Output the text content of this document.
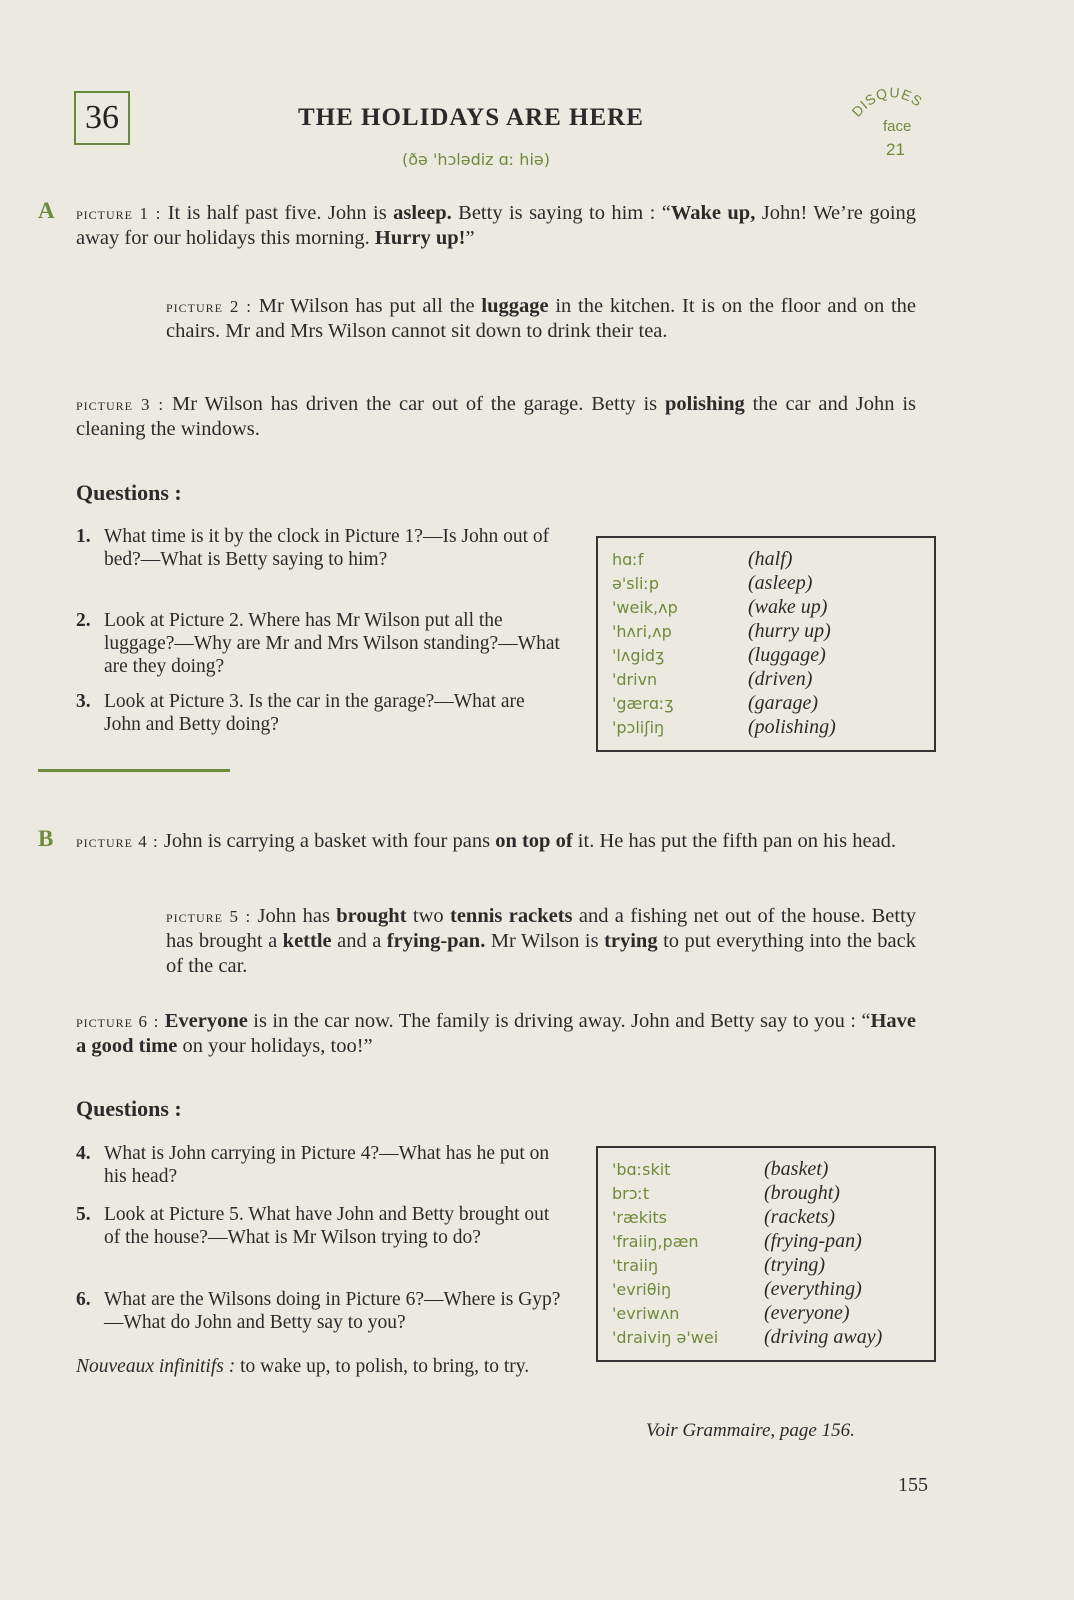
36	THE HOLIDAYS ARE HERE
(ðə 'hɔlədiz ɑː hiə)
DISQUES
face
21
A picture 1 : It is half past five. John is asleep. Betty is saying to him : “Wake up, John! We’re going away for our holidays this morning. Hurry up!”

picture 2 : Mr Wilson has put all the luggage in the kitchen. It is on the floor and on the chairs. Mr and Mrs Wilson cannot sit down to drink their tea.

picture 3 : Mr Wilson has driven the car out of the garage. Betty is polishing the car and John is cleaning the windows.

Questions :

1. What time is it by the clock in Picture 1?—Is John out of bed?—What is Betty saying to him?

2. Look at Picture 2. Where has Mr Wilson put all the luggage?—Why are Mr and Mrs Wilson standing?—What are they doing?

3. Look at Picture 3. Is the car in the garage?—What are John and Betty doing?

hɑːf	(half)
ə'sliːp	(asleep)
'weik,ʌp	(wake up)
'hʌri,ʌp	(hurry up)
'lʌgidʒ	(luggage)
'drivn	(driven)
'gærɑːʒ	(garage)
'pɔliʃiŋ	(polishing)
B picture 4 : John is carrying a basket with four pans on top of it. He has put the fifth pan on his head.

picture 5 : John has brought two tennis rackets and a fishing net out of the house. Betty has brought a kettle and a frying-pan. Mr Wilson is trying to put everything into the back of the car.

picture 6 : Everyone is in the car now. The family is driving away. John and Betty say to you : “Have a good time on your holidays, too!”

Questions :

4. What is John carrying in Picture 4?—What has he put on his head?

5. Look at Picture 5. What have John and Betty brought out of the house?—What is Mr Wilson trying to do?

6. What are the Wilsons doing in Picture 6?—Where is Gyp?—What do John and Betty say to you?

'bɑːskit	(basket)
brɔːt	(brought)
'rækits	(rackets)
'fraiiŋ,pæn	(frying-pan)
'traiiŋ	(trying)
'evriθiŋ	(everything)
'evriwʌn	(everyone)
'draiviŋ ə'wei (driving away)
Nouveaux infinitifs : to wake up, to polish, to bring, to try.
Voir Grammaire, page 156.
155
